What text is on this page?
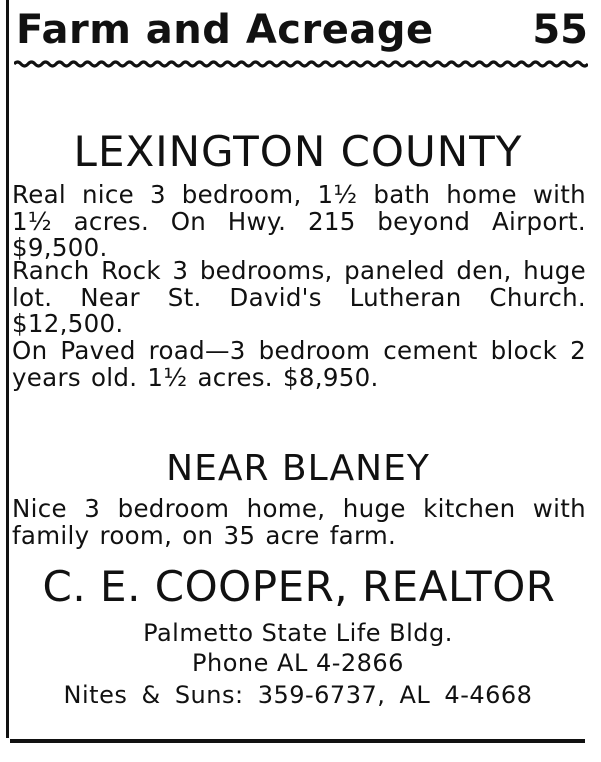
Farm and Acreage 55
LEXINGTON COUNTY
Real nice 3 bedroom, 1½ bath home with 1½ acres. On Hwy. 215 beyond Airport. $9,500.
Ranch Rock 3 bedrooms, paneled den, huge lot. Near St. David's Lutheran Church. $12,500.
On Paved road—3 bedroom cement block 2 years old. 1½ acres. $8,950.
NEAR BLANEY
Nice 3 bedroom home, huge kitchen with family room, on 35 acre farm.
C. E. COOPER, REALTOR
Palmetto State Life Bldg.
Phone AL 4-2866
Nites & Suns: 359-6737, AL 4-4668
